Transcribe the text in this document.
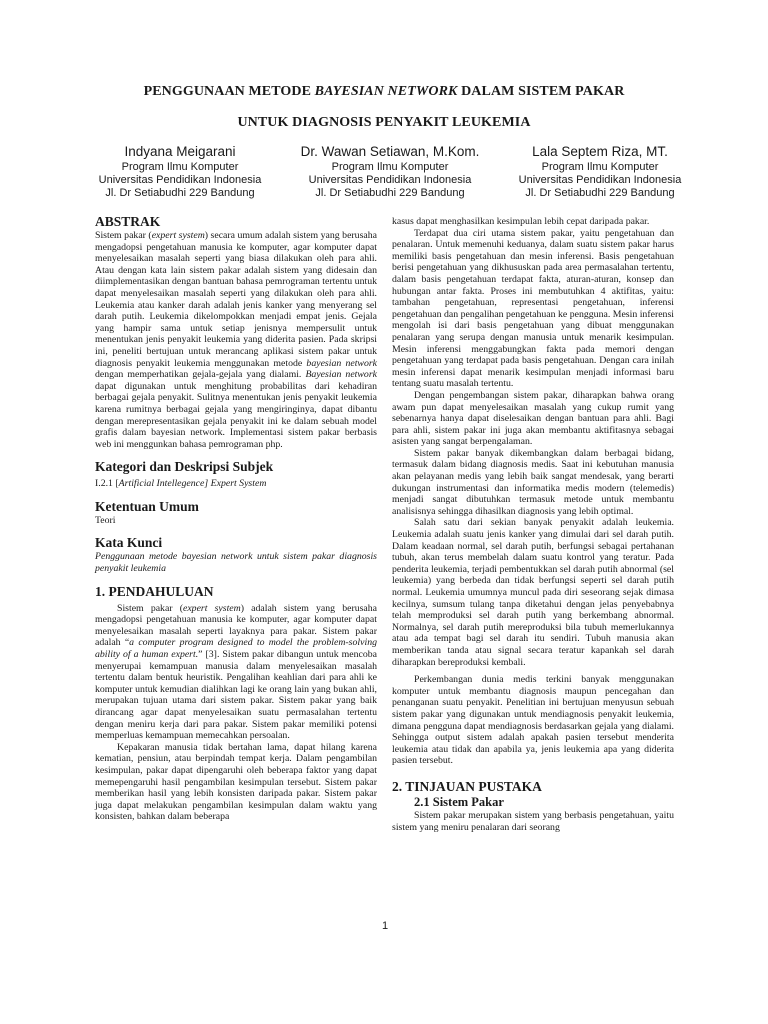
PENGGUNAAN METODE BAYESIAN NETWORK DALAM SISTEM PAKAR
UNTUK DIAGNOSIS PENYAKIT LEUKEMIA
Indyana Meigarani
Program Ilmu Komputer
Universitas Pendidikan Indonesia
Jl. Dr Setiabudhi 229 Bandung
Dr. Wawan Setiawan, M.Kom.
Program Ilmu Komputer
Universitas Pendidikan Indonesia
Jl. Dr Setiabudhi 229 Bandung
Lala Septem Riza, MT.
Program Ilmu Komputer
Universitas Pendidikan Indonesia
Jl. Dr Setiabudhi 229 Bandung
ABSTRAK

Sistem pakar (expert system) secara umum adalah sistem yang berusaha mengadopsi pengetahuan manusia ke komputer, agar komputer dapat menyelesaikan masalah seperti yang biasa dilakukan oleh para ahli. Atau dengan kata lain sistem pakar adalah sistem yang didesain dan diimplementasikan dengan bantuan bahasa pemrograman tertentu untuk dapat menyelesaikan masalah seperti yang dilakukan oleh para ahli. Leukemia atau kanker darah adalah jenis kanker yang menyerang sel darah putih. Leukemia dikelompokkan menjadi empat jenis. Gejala yang hampir sama untuk setiap jenisnya mempersulit untuk menentukan jenis penyakit leukemia yang diderita pasien. Pada skripsi ini, peneliti bertujuan untuk merancang aplikasi sistem pakar untuk diagnosis penyakit leukemia menggunakan metode bayesian network dengan memperhatikan gejala-gejala yang dialami. Bayesian network dapat digunakan untuk menghitung probabilitas dari kehadiran berbagai gejala penyakit. Sulitnya menentukan jenis penyakit leukemia karena rumitnya berbagai gejala yang mengiringinya, dapat dibantu dengan merepresentasikan gejala penyakit ini ke dalam sebuah model grafis dalam bayesian network. Implementasi sistem pakar berbasis web ini menggunkan bahasa pemrograman php.

Kategori dan Deskripsi Subjek

I.2.1 [Artificial Intellegence] Expert System

Ketentuan Umum

Teori

Kata Kunci

Penggunaan metode bayesian network untuk sistem pakar diagnosis penyakit leukemia

1. PENDAHULUAN

Sistem pakar (expert system) adalah sistem yang berusaha mengadopsi pengetahuan manusia ke komputer, agar komputer dapat menyelesaikan masalah seperti layaknya para pakar. Sistem pakar adalah “a computer program designed to model the problem-solving ability of a human expert.” [3]. Sistem pakar dibangun untuk mencoba menyerupai kemampuan manusia dalam menyelesaikan masalah tertentu dalam bentuk heuristik. Pengalihan keahlian dari para ahli ke komputer untuk kemudian dialihkan lagi ke orang lain yang bukan ahli, merupakan tujuan utama dari sistem pakar. Sistem pakar yang baik dirancang agar dapat menyelesaikan suatu permasalahan tertentu dengan meniru kerja dari para pakar. Sistem pakar memiliki potensi memperluas kemampuan memecahkan persoalan.

Kepakaran manusia tidak bertahan lama, dapat hilang karena kematian, pensiun, atau berpindah tempat kerja. Dalam pengambilan kesimpulan, pakar dapat dipengaruhi oleh beberapa faktor yang dapat memepengaruhi hasil pengambilan kesimpulan tersebut. Sistem pakar memberikan hasil yang lebih konsisten daripada pakar. Sistem pakar juga dapat melakukan pengambilan kesimpulan dalam waktu yang konsisten, bahkan dalam beberapa

kasus dapat menghasilkan kesimpulan lebih cepat daripada pakar.

Terdapat dua ciri utama sistem pakar, yaitu pengetahuan dan penalaran. Untuk memenuhi keduanya, dalam suatu sistem pakar harus memiliki basis pengetahuan dan mesin inferensi. Basis pengetahuan berisi pengetahuan yang dikhususkan pada area permasalahan tertentu, dalam basis pengetahuan terdapat fakta, aturan-aturan, konsep dan hubungan antar fakta. Proses ini membutuhkan 4 aktifitas, yaitu: tambahan pengetahuan, representasi pengetahuan, inferensi pengetahuan dan pengalihan pengetahuan ke pengguna. Mesin inferensi mengolah isi dari basis pengetahuan yang dibuat menggunakan penalaran yang serupa dengan manusia untuk menarik kesimpulan. Mesin inferensi menggabungkan fakta pada memori dengan pengetahuan yang terdapat pada basis pengetahuan. Dengan cara inilah mesin inferensi dapat menarik kesimpulan menjadi informasi baru tentang suatu masalah tertentu.

Dengan pengembangan sistem pakar, diharapkan bahwa orang awam pun dapat menyelesaikan masalah yang cukup rumit yang sebenarnya hanya dapat diselesaikan dengan bantuan para ahli. Bagi para ahli, sistem pakar ini juga akan membantu aktifitasnya sebagai asisten yang sangat berpengalaman.

Sistem pakar banyak dikembangkan dalam berbagai bidang, termasuk dalam bidang diagnosis medis. Saat ini kebutuhan manusia akan pelayanan medis yang lebih baik sangat mendesak, yang berarti dukungan instrumentasi dan informatika medis modern (telemedis) menjadi sangat dibutuhkan termasuk metode untuk membantu analisisnya sehingga dihasilkan diagnosis yang lebih optimal.

Salah satu dari sekian banyak penyakit adalah leukemia. Leukemia adalah suatu jenis kanker yang dimulai dari sel darah putih. Dalam keadaan normal, sel darah putih, berfungsi sebagai pertahanan tubuh, akan terus membelah dalam suatu kontrol yang teratur. Pada penderita leukemia, terjadi pembentukkan sel darah putih abnormal (sel leukemia) yang berbeda dan tidak berfungsi seperti sel darah putih normal. Leukemia umumnya muncul pada diri seseorang sejak dimasa kecilnya, sumsum tulang tanpa diketahui dengan jelas penyebabnya telah memproduksi sel darah putih yang berkembang abnormal. Normalnya, sel darah putih mereproduksi bila tubuh memerlukannya atau ada tempat bagi sel darah itu sendiri. Tubuh manusia akan memberikan tanda atau signal secara teratur kapankah sel darah diharapkan bereproduksi kembali.

Perkembangan dunia medis terkini banyak menggunakan komputer untuk membantu diagnosis maupun pencegahan dan penanganan suatu penyakit. Penelitian ini bertujuan menyusun sebuah sistem pakar yang digunakan untuk mendiagnosis penyakit leukemia, dimana pengguna dapat mendiagnosis berdasarkan gejala yang dialami. Sehingga output sistem adalah apakah pasien tersebut menderita leukemia atau tidak dan apabila ya, jenis leukemia apa yang diderita pasien tersebut.

2. TINJAUAN PUSTAKA
2.1 Sistem Pakar

Sistem pakar merupakan sistem yang berbasis pengetahuan, yaitu sistem yang meniru penalaran dari seorang

1
